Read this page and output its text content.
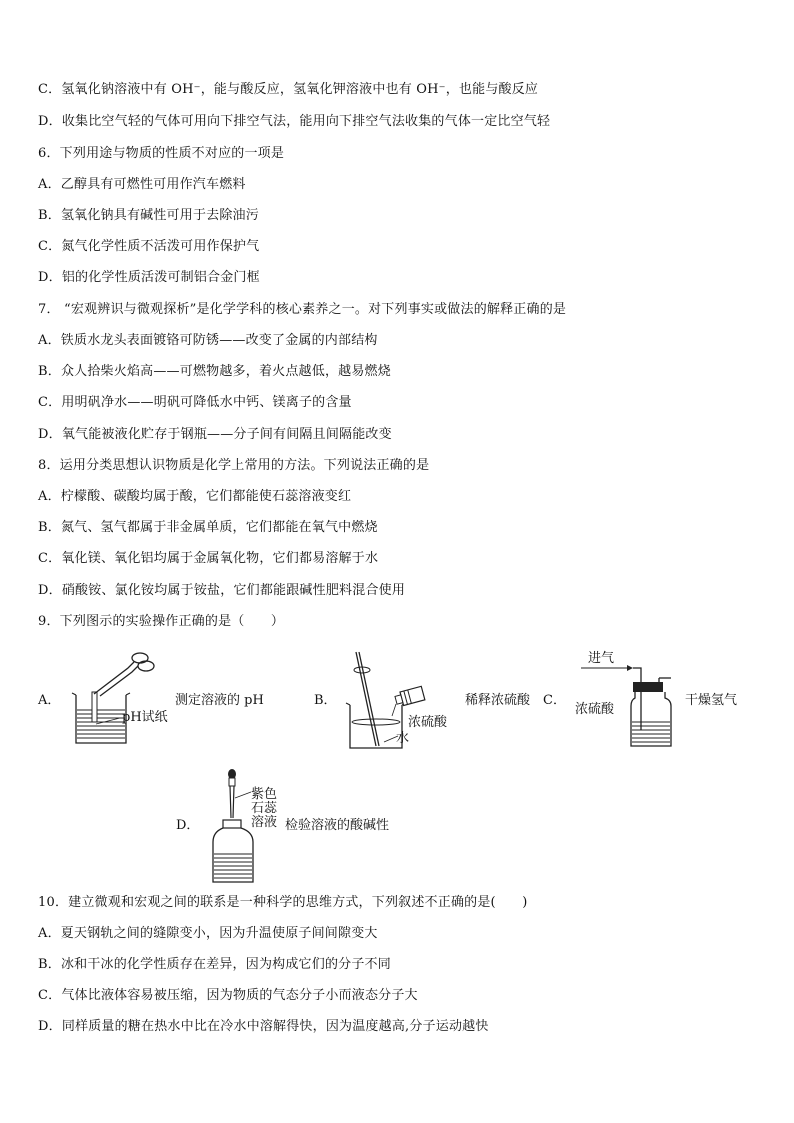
C．氢氧化钠溶液中有 OH⁻，能与酸反应，氢氧化钾溶液中也有 OH⁻，也能与酸反应
D．收集比空气轻的气体可用向下排空气法，能用向下排空气法收集的气体一定比空气轻
6．下列用途与物质的性质不对应的一项是
A．乙醇具有可燃性可用作汽车燃料
B．氢氧化钠具有碱性可用于去除油污
C．氮气化学性质不活泼可用作保护气
D．铝的化学性质活泼可制铝合金门框
7． “宏观辨识与微观探析”是化学学科的核心素养之一。对下列事实或做法的解释正确的是
A．铁质水龙头表面镀铬可防锈——改变了金属的内部结构
B．众人拾柴火焰高——可燃物越多，着火点越低，越易燃烧
C．用明矾净水——明矾可降低水中钙、镁离子的含量
D．氧气能被液化贮存于钢瓶——分子间有间隔且间隔能改变
8．运用分类思想认识物质是化学上常用的方法。下列说法正确的是
A．柠檬酸、碳酸均属于酸，它们都能使石蕊溶液变红
B．氮气、氢气都属于非金属单质，它们都能在氧气中燃烧
C．氧化镁、氧化铝均属于金属氧化物，它们都易溶解于水
D．硝酸铵、氯化铵均属于铵盐，它们都能跟碱性肥料混合使用
9．下列图示的实验操作正确的是（　　）
A．
pH试纸
测定溶液的 pH	B．
浓硫酸
水
稀释浓硫酸 C．
进气
浓硫酸
干燥氢气
D．
紫色
石蕊
溶液 检验溶液的酸碱性
10．建立微观和宏观之间的联系是一种科学的思维方式，下列叙述不正确的是(　　)
A．夏天钢轨之间的缝隙变小，因为升温使原子间间隙变大
B．冰和干冰的化学性质存在差异，因为构成它们的分子不同
C．气体比液体容易被压缩，因为物质的气态分子小而液态分子大
D．同样质量的糖在热水中比在冷水中溶解得快，因为温度越高,分子运动越快
